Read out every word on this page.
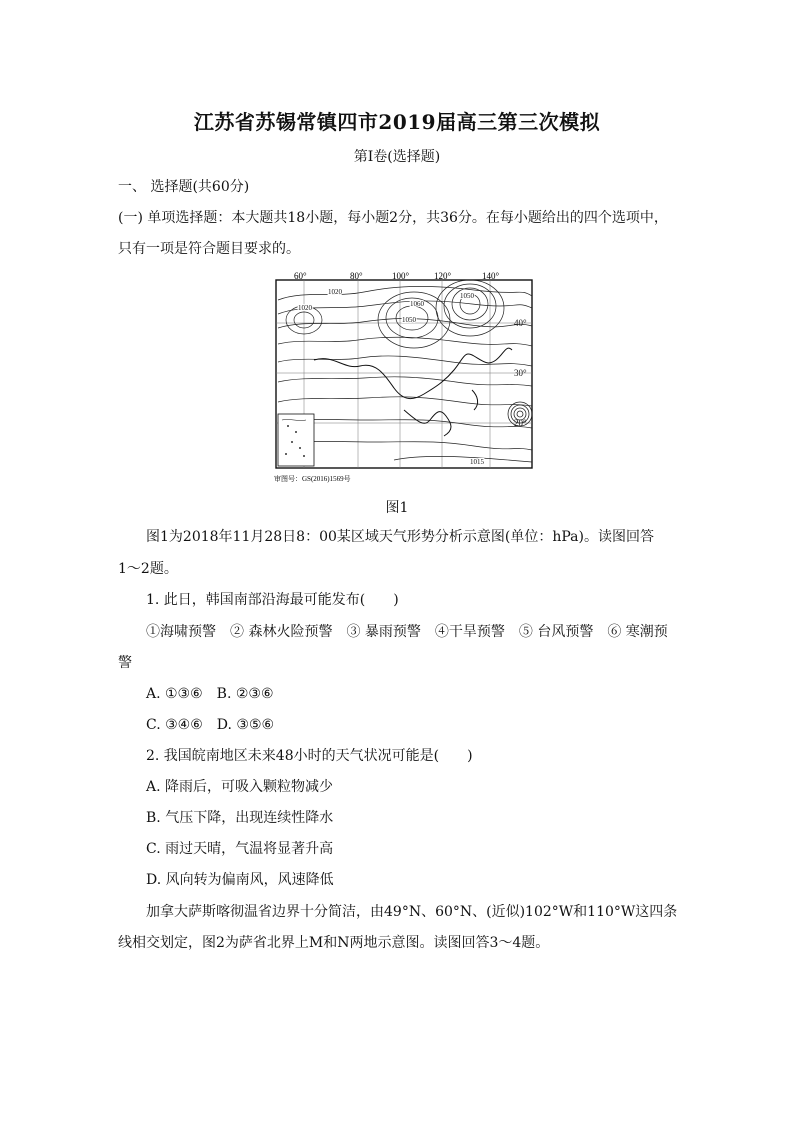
江苏省苏锡常镇四市2019届高三第三次模拟
第Ⅰ卷(选择题)
一、 选择题(共60分)
(一) 单项选择题：本大题共18小题，每小题2分，共36分。在每小题给出的四个选项中，
只有一项是符合题目要求的。
60°	80°	100°	120°	140°
40°
30°
20°
1020
1020
1050
1050
1060
1015
审图号：GS(2016)1569号
图1
图1为2018年11月28日8：00某区域天气形势分析示意图(单位：hPa)。读图回答
1～2题。
1. 此日，韩国南部沿海最可能发布(　　)
①海啸预警　② 森林火险预警　③ 暴雨预警　④干旱预警　⑤ 台风预警　⑥ 寒潮预
警
A. ①③⑥　B. ②③⑥
C. ③④⑥　D. ③⑤⑥
2. 我国皖南地区未来48小时的天气状况可能是(　　)
A. 降雨后，可吸入颗粒物减少
B. 气压下降，出现连续性降水
C. 雨过天晴，气温将显著升高
D. 风向转为偏南风，风速降低
加拿大萨斯喀彻温省边界十分简洁，由49°N、60°N、(近似)102°W和110°W这四条
线相交划定，图2为萨省北界上M和N两地示意图。读图回答3～4题。
